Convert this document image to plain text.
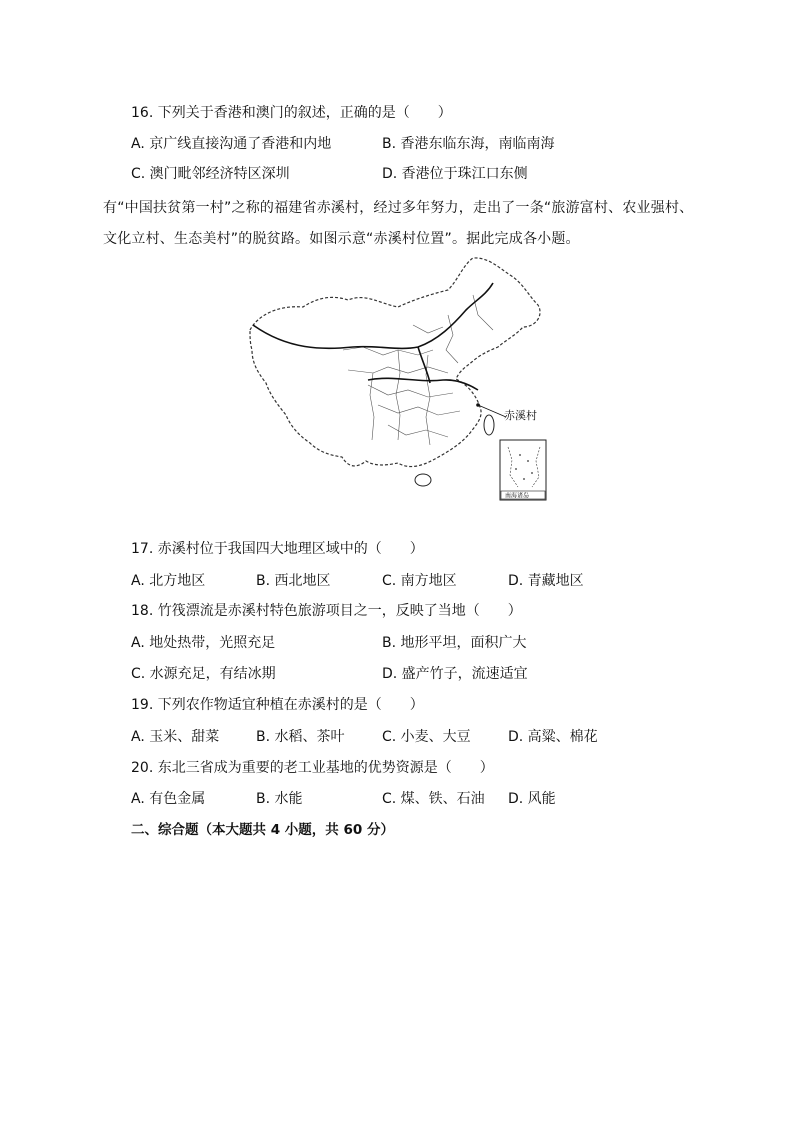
16. 下列关于香港和澳门的叙述，正确的是（　　）
A. 京广线直接沟通了香港和内地	B. 香港东临东海，南临南海
C. 澳门毗邻经济特区深圳	D. 香港位于珠江口东侧
有“中国扶贫第一村”之称的福建省赤溪村，经过多年努力，走出了一条“旅游富村、农业强村、
文化立村、生态美村”的脱贫路。如图示意“赤溪村位置”。据此完成各小题。
赤溪村
南海诸岛
17. 赤溪村位于我国四大地理区域中的（　　）
A. 北方地区	B. 西北地区	C. 南方地区	D. 青藏地区
18. 竹筏漂流是赤溪村特色旅游项目之一，反映了当地（　　）
A. 地处热带，光照充足	B. 地形平坦，面积广大
C. 水源充足，有结冰期	D. 盛产竹子，流速适宜
19. 下列农作物适宜种植在赤溪村的是（　　）
A. 玉米、甜菜	B. 水稻、茶叶	C. 小麦、大豆	D. 高粱、棉花
20. 东北三省成为重要的老工业基地的优势资源是（　　）
A. 有色金属	B. 水能	C. 煤、铁、石油 D. 风能
二、综合题（本大题共 4 小题，共 60 分）
